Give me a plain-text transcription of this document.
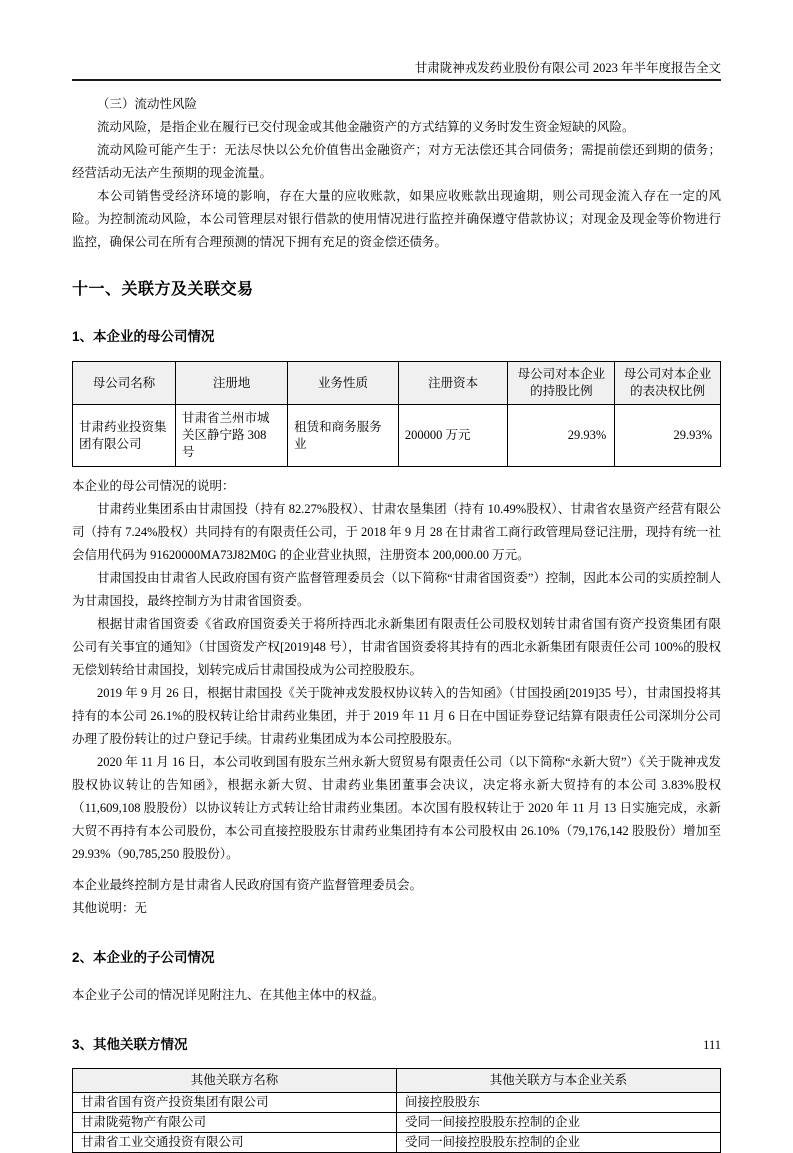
甘肃陇神戎发药业股份有限公司 2023 年半年度报告全文

（三）流动性风险

流动风险，是指企业在履行已交付现金或其他金融资产的方式结算的义务时发生资金短缺的风险。

流动风险可能产生于：无法尽快以公允价值售出金融资产；对方无法偿还其合同债务；需提前偿还到期的债务；经营活动无法产生预期的现金流量。

本公司销售受经济环境的影响，存在大量的应收账款，如果应收账款出现逾期，则公司现金流入存在一定的风险。为控制流动风险，本公司管理层对银行借款的使用情况进行监控并确保遵守借款协议；对现金及现金等价物进行监控，确保公司在所有合理预测的情况下拥有充足的资金偿还债务。

十一、关联方及关联交易
1、本企业的母公司情况
母公司名称	注册地	业务性质	注册资本	母公司对本企业的持股比例	母公司对本企业的表决权比例
甘肃药业投资集团有限公司	甘肃省兰州市城关区静宁路 308 号	租赁和商务服务业	200000 万元	29.93%	29.93%

本企业的母公司情况的说明：

甘肃药业集团系由甘肃国投（持有 82.27%股权）、甘肃农垦集团（持有 10.49%股权）、甘肃省农垦资产经营有限公司（持有 7.24%股权）共同持有的有限责任公司，于 2018 年 9 月 28 在甘肃省工商行政管理局登记注册，现持有统一社会信用代码为 91620000MA73J82M0G 的企业营业执照，注册资本 200,000.00 万元。

甘肃国投由甘肃省人民政府国有资产监督管理委员会（以下简称“甘肃省国资委”）控制，因此本公司的实质控制人为甘肃国投，最终控制方为甘肃省国资委。

根据甘肃省国资委《省政府国资委关于将所持西北永新集团有限责任公司股权划转甘肃省国有资产投资集团有限公司有关事宜的通知》（甘国资发产权[2019]48 号），甘肃省国资委将其持有的西北永新集团有限责任公司 100%的股权无偿划转给甘肃国投，划转完成后甘肃国投成为公司控股股东。

2019 年 9 月 26 日，根据甘肃国投《关于陇神戎发股权协议转入的告知函》（甘国投函[2019]35 号），甘肃国投将其持有的本公司 26.1%的股权转让给甘肃药业集团，并于 2019 年 11 月 6 日在中国证券登记结算有限责任公司深圳分公司办理了股份转让的过户登记手续。甘肃药业集团成为本公司控股股东。

2020 年 11 月 16 日，本公司收到国有股东兰州永新大贸贸易有限责任公司（以下简称“永新大贸”）《关于陇神戎发股权协议转让的告知函》，根据永新大贸、甘肃药业集团董事会决议，决定将永新大贸持有的本公司 3.83%股权（11,609,108 股股份）以协议转让方式转让给甘肃药业集团。本次国有股权转让于 2020 年 11 月 13 日实施完成，永新大贸不再持有本公司股份，本公司直接控股股东甘肃药业集团持有本公司股权由 26.10%（79,176,142 股股份）增加至 29.93%（90,785,250 股股份）。

本企业最终控制方是甘肃省人民政府国有资产监督管理委员会。

其他说明：无

2、本企业的子公司情况

本企业子公司的情况详见附注九、在其他主体中的权益。

3、其他关联方情况
其他关联方名称	其他关联方与本企业关系
甘肃省国有资产投资集团有限公司	间接控股股东
甘肃陇菀物产有限公司	受同一间接控股股东控制的企业
甘肃省工业交通投资有限公司	受同一间接控股股东控制的企业
111
